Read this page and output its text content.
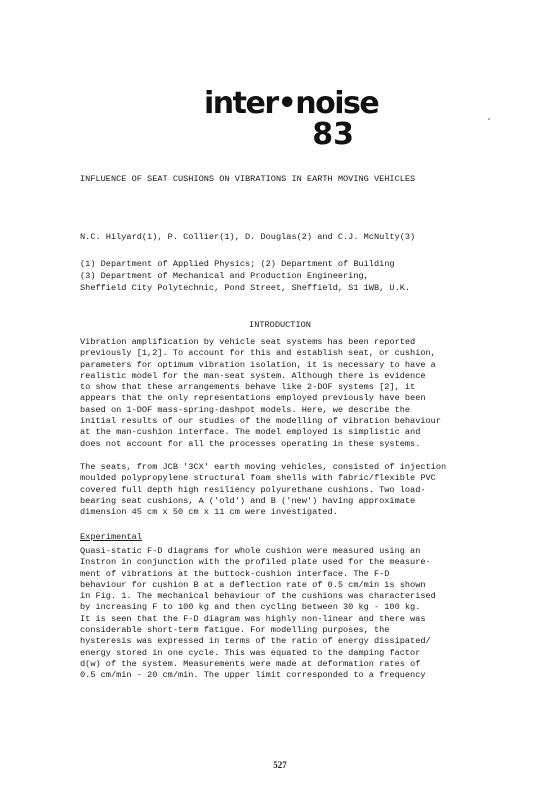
inter•noise
83
INFLUENCE OF SEAT CUSHIONS ON VIBRATIONS IN EARTH MOVING VEHICLES
N.C. Hilyard(1), P. Collier(1), D. Douglas(2) and C.J. McNulty(3)
(1) Department of Applied Physics; (2) Department of Building
(3) Department of Mechanical and Production Engineering,
Sheffield City Polytechnic, Pond Street, Sheffield, S1 1WB, U.K.
INTRODUCTION
Vibration amplification by vehicle seat systems has been reported
previously [1,2]. To account for this and establish seat, or cushion,
parameters for optimum vibration isolation, it is necessary to have a
realistic model for the man-seat system. Although there is evidence
to show that these arrangements behave like 2-DOF systems [2], it
appears that the only representations employed previously have been
based on 1-DOF mass-spring-dashpot models. Here, we describe the
initial results of our studies of the modelling of vibration behaviour
at the man-cushion interface. The model employed is simplistic and
does not account for all the processes operating in these systems.
The seats, from JCB '3CX' earth moving vehicles, consisted of injection
moulded polypropylene structural foam shells with fabric/flexible PVC
covered full depth high resiliency polyurethane cushions. Two load-
bearing seat cushions, A ('old') and B ('new') having approximate
dimension 45 cm x 50 cm x 11 cm were investigated.
Experimental
Quasi-static F-D diagrams for whole cushion were measured using an
Instron in conjunction with the profiled plate used for the measure-
ment of vibrations at the buttock-cushion interface. The F-D
behaviour for cushion B at a deflection rate of 0.5 cm/min is shown
in Fig. 1. The mechanical behaviour of the cushions was characterised
by increasing F to 100 kg and then cycling between 30 kg - 100 kg.
It is seen that the F-D diagram was highly non-linear and there was
considerable short-term fatigue. For modelling purposes, the
hysteresis was expressed in terms of the ratio of energy dissipated/
energy stored in one cycle. This was equated to the damping factor
d(w) of the system. Measurements were made at deformation rates of
0.5 cm/min - 20 cm/min. The upper limit corresponded to a frequency
527
